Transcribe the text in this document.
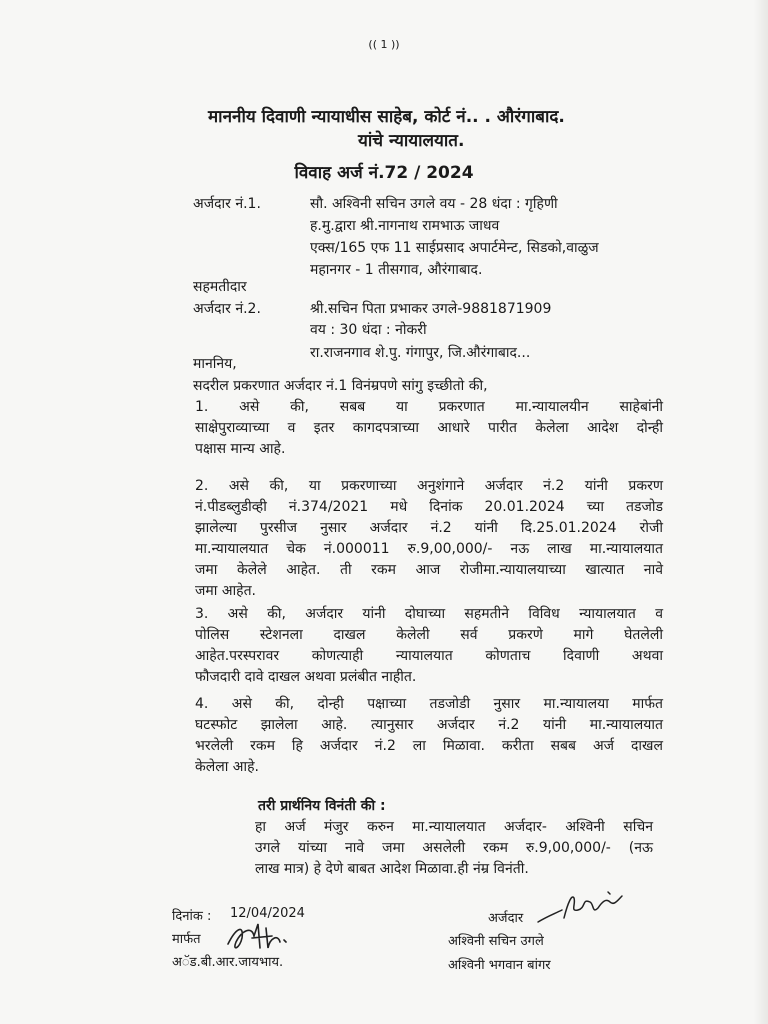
(( 1 ))
माननीय दिवाणी न्यायाधीस साहेब, कोर्ट नं.. . औरंगाबाद.
यांचे न्यायालयात.
विवाह अर्ज नं.72 / 2024
अर्जदार नं.1.	सौ. अश्विनी सचिन उगले वय - 28 धंदा : गृहिणी
ह.मु.द्वारा श्री.नागनाथ रामभाऊ जाधव
एक्स/165 एफ 11 साईप्रसाद अपार्टमेन्ट, सिडको,वाळुज
महानगर - 1 तीसगाव, औरंगाबाद.
सहमतीदार
अर्जदार नं.2.	श्री.सचिन पिता प्रभाकर उगले-9881871909
वय : 30 धंदा : नोकरी
रा.राजनगाव शे.पु. गंगापुर, जि.औरंगाबाद...
माननिय,
सदरील प्रकरणात अर्जदार नं.1 विनंम्रपणे सांगु इच्छीतो की,
1. असे की, सबब या प्रकरणात मा.न्यायालयीन साहेबांनी
साक्षेपुराव्याच्या व इतर कागदपत्राच्या आधारे पारीत केलेला आदेश दोन्ही
पक्षास मान्य आहे.
2. असे की, या प्रकरणाच्या अनुशंगाने अर्जदार नं.2 यांनी प्रकरण
नं.पीडब्लुडीव्ही नं.374/2021 मधे दिनांक 20.01.2024 च्या तडजोड
झालेल्या पुरसीज नुसार अर्जदार नं.2 यांनी दि.25.01.2024 रोजी
मा.न्यायालयात चेक नं.000011 रु.9,00,000/- नऊ लाख मा.न्यायालयात
जमा केलेले आहेत. ती रकम आज रोजीमा.न्यायालयाच्या खात्यात नावे
जमा आहेत.
3. असे की, अर्जदार यांनी दोघाच्या सहमतीने विविध न्यायालयात व
पोलिस स्टेशनला दाखल केलेली सर्व प्रकरणे मागे घेतलेली
आहेत.परस्परावर कोणत्याही न्यायालयात कोणताच दिवाणी अथवा
फौजदारी दावे दाखल अथवा प्रलंबीत नाहीत.
4. असे की, दोन्ही पक्षाच्या तडजोडी नुसार मा.न्यायालया मार्फत
घटस्फोट झालेला आहे. त्यानुसार अर्जदार नं.2 यांनी मा.न्यायालयात
भरलेली रकम हि अर्जदार नं.2 ला मिळावा. करीता सबब अर्ज दाखल
केलेला आहे.
तरी प्रार्थनिय विनंती की :
हा अर्ज मंजुर करुन मा.न्यायालयात अर्जदार- अश्विनी सचिन
उगले यांच्या नावे जमा असलेली रकम रु.9,00,000/- (नऊ
लाख मात्र) हे देणे बाबत आदेश मिळावा.ही नंम्र विनंती.
दिनांक : 12/04/2024
मार्फत
अॅड.बी.आर.जायभाय.
अर्जदार
अश्विनी सचिन उगले
अश्विनी भगवान बांगर
